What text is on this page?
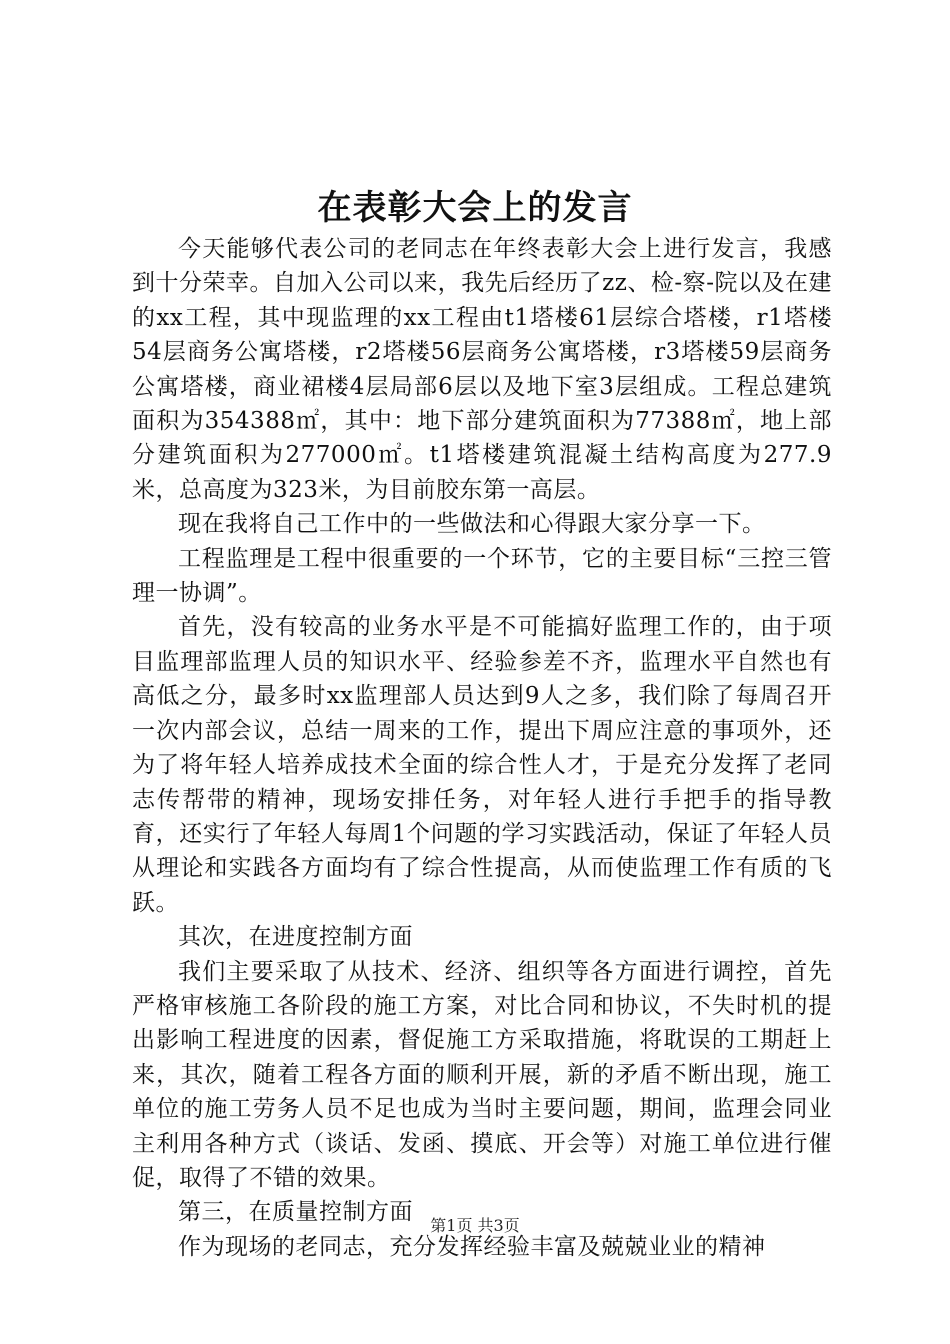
在表彰大会上的发言

今天能够代表公司的老同志在年终表彰大会上进行发言，我感到十分荣幸。自加入公司以来，我先后经历了zz、检-察-院以及在建的xx工程，其中现监理的xx工程由t1塔楼61层综合塔楼，r1塔楼54层商务公寓塔楼，r2塔楼56层商务公寓塔楼，r3塔楼59层商务公寓塔楼，商业裙楼4层局部6层以及地下室3层组成。工程总建筑面积为354388㎡，其中：地下部分建筑面积为77388㎡，地上部分建筑面积为277000㎡。t1塔楼建筑混凝土结构高度为277.9米，总高度为323米，为目前胶东第一高层。

现在我将自己工作中的一些做法和心得跟大家分享一下。

工程监理是工程中很重要的一个环节，它的主要目标“三控三管理一协调”。

首先，没有较高的业务水平是不可能搞好监理工作的，由于项目监理部监理人员的知识水平、经验参差不齐，监理水平自然也有高低之分，最多时xx监理部人员达到9人之多，我们除了每周召开一次内部会议，总结一周来的工作，提出下周应注意的事项外，还为了将年轻人培养成技术全面的综合性人才，于是充分发挥了老同志传帮带的精神，现场安排任务，对年轻人进行手把手的指导教育，还实行了年轻人每周1个问题的学习实践活动，保证了年轻人员从理论和实践各方面均有了综合性提高，从而使监理工作有质的飞跃。

其次，在进度控制方面

我们主要采取了从技术、经济、组织等各方面进行调控，首先严格审核施工各阶段的施工方案，对比合同和协议，不失时机的提出影响工程进度的因素，督促施工方采取措施，将耽误的工期赶上来，其次，随着工程各方面的顺利开展，新的矛盾不断出现，施工单位的施工劳务人员不足也成为当时主要问题，期间，监理会同业主利用各种方式（谈话、发函、摸底、开会等）对施工单位进行催促，取得了不错的效果。

第三，在质量控制方面

作为现场的老同志，充分发挥经验丰富及兢兢业业的精神

第1页 共3页
